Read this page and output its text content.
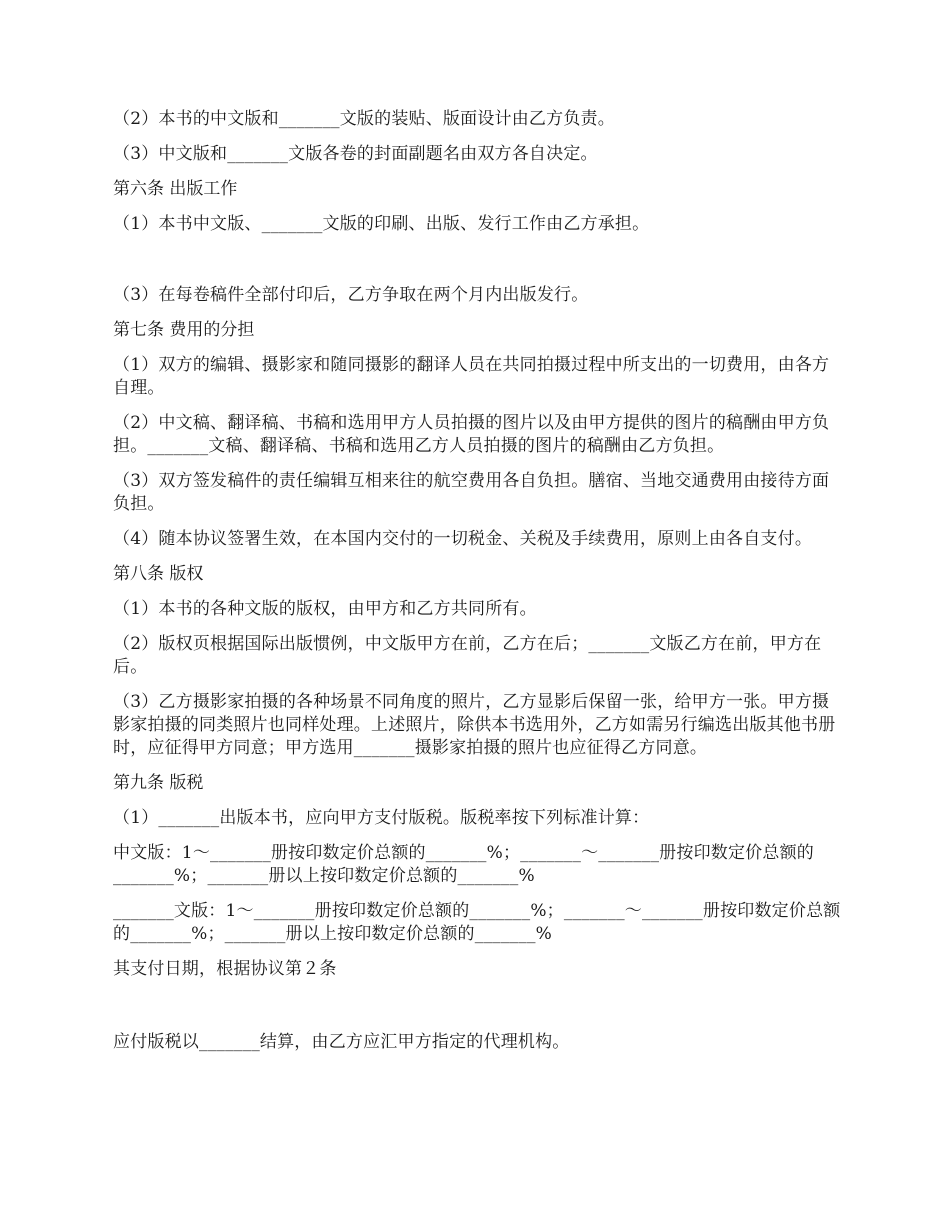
（2）本书的中文版和_______文版的装贴、版面设计由乙方负责。

（3）中文版和_______文版各卷的封面副题名由双方各自决定。

第六条 出版工作

（1）本书中文版、_______文版的印刷、出版、发行工作由乙方承担。

（3）在每卷稿件全部付印后，乙方争取在两个月内出版发行。

第七条 费用的分担

（1）双方的编辑、摄影家和随同摄影的翻译人员在共同拍摄过程中所支出的一切费用，由各方自理。

（2）中文稿、翻译稿、书稿和选用甲方人员拍摄的图片以及由甲方提供的图片的稿酬由甲方负担。_______文稿、翻译稿、书稿和选用乙方人员拍摄的图片的稿酬由乙方负担。

（3）双方签发稿件的责任编辑互相来往的航空费用各自负担。膳宿、当地交通费用由接待方面负担。

（4）随本协议签署生效，在本国内交付的一切税金、关税及手续费用，原则上由各自支付。

第八条 版权

（1）本书的各种文版的版权，由甲方和乙方共同所有。

（2）版权页根据国际出版惯例，中文版甲方在前，乙方在后；_______文版乙方在前，甲方在后。

（3）乙方摄影家拍摄的各种场景不同角度的照片，乙方显影后保留一张，给甲方一张。甲方摄影家拍摄的同类照片也同样处理。上述照片，除供本书选用外，乙方如需另行编选出版其他书册时，应征得甲方同意；甲方选用_______摄影家拍摄的照片也应征得乙方同意。

第九条 版税

（1）_______出版本书，应向甲方支付版税。版税率按下列标准计算：

中文版：1～_______册按印数定价总额的_______%；_______～_______册按印数定价总额的_______%；_______册以上按印数定价总额的_______%

_______文版：1～_______册按印数定价总额的_______%；_______～_______册按印数定价总额的_______%；_______册以上按印数定价总额的_______%

其支付日期，根据协议第２条

应付版税以_______结算，由乙方应汇甲方指定的代理机构。
